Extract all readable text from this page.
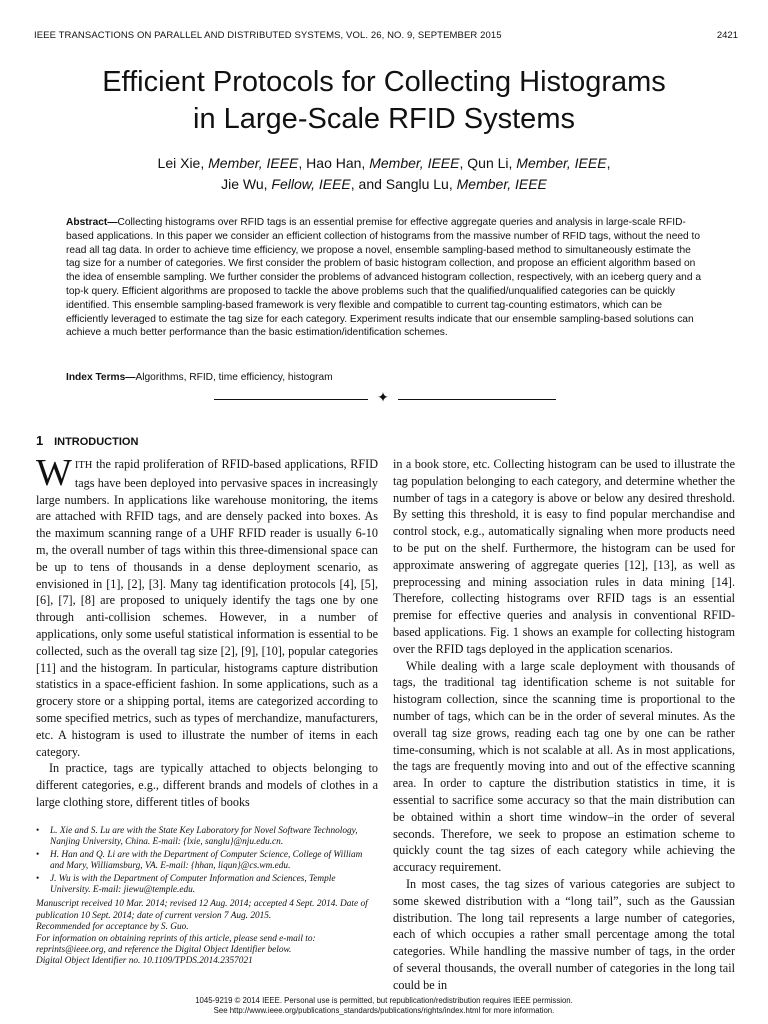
IEEE TRANSACTIONS ON PARALLEL AND DISTRIBUTED SYSTEMS, VOL. 26, NO. 9, SEPTEMBER 2015	2421
Efficient Protocols for Collecting Histograms
in Large-Scale RFID Systems
Lei Xie, Member, IEEE, Hao Han, Member, IEEE, Qun Li, Member, IEEE,
Jie Wu, Fellow, IEEE, and Sanglu Lu, Member, IEEE
Abstract—Collecting histograms over RFID tags is an essential premise for effective aggregate queries and analysis in large-scale RFID-based applications. In this paper we consider an efficient collection of histograms from the massive number of RFID tags, without the need to read all tag data. In order to achieve time efficiency, we propose a novel, ensemble sampling-based method to simultaneously estimate the tag size for a number of categories. We first consider the problem of basic histogram collection, and propose an efficient algorithm based on the idea of ensemble sampling. We further consider the problems of advanced histogram collection, respectively, with an iceberg query and a top-k query. Efficient algorithms are proposed to tackle the above problems such that the qualified/unqualified categories can be quickly identified. This ensemble sampling-based framework is very flexible and compatible to current tag-counting estimators, which can be efficiently leveraged to estimate the tag size for each category. Experiment results indicate that our ensemble sampling-based solutions can achieve a much better performance than the basic estimation/identification schemes.
Index Terms—Algorithms, RFID, time efficiency, histogram
✦
1 INTRODUCTION

WITH the rapid proliferation of RFID-based applications, RFID tags have been deployed into pervasive spaces in increasingly large numbers. In applications like warehouse monitoring, the items are attached with RFID tags, and are densely packed into boxes. As the maximum scanning range of a UHF RFID reader is usually 6-10 m, the overall number of tags within this three-dimensional space can be up to tens of thousands in a dense deployment scenario, as envisioned in [1], [2], [3]. Many tag identification protocols [4], [5], [6], [7], [8] are proposed to uniquely identify the tags one by one through anti-collision schemes. However, in a number of applications, only some useful statistical information is essential to be collected, such as the overall tag size [2], [9], [10], popular categories [11] and the histogram. In particular, histograms capture distribution statistics in a space-efficient fashion. In some applications, such as a grocery store or a shipping portal, items are categorized according to some specified metrics, such as types of merchandize, manufacturers, etc. A histogram is used to illustrate the number of items in each category.

In practice, tags are typically attached to objects belonging to different categories, e.g., different brands and models of clothes in a large clothing store, different titles of books

• L. Xie and S. Lu are with the State Key Laboratory for Novel Software Technology, Nanjing University, China. E-mail: {lxie, sanglu}@nju.edu.cn.
• H. Han and Q. Li are with the Department of Computer Science, College of William and Mary, Williamsburg, VA. E-mail: {hhan, liqun}@cs.wm.edu.
• J. Wu is with the Department of Computer Information and Sciences, Temple University. E-mail: jiewu@temple.edu.

Manuscript received 10 Mar. 2014; revised 12 Aug. 2014; accepted 4 Sept. 2014. Date of publication 10 Sept. 2014; date of current version 7 Aug. 2015.

Recommended for acceptance by S. Guo.

For information on obtaining reprints of this article, please send e-mail to: reprints@ieee.org, and reference the Digital Object Identifier below.

Digital Object Identifier no. 10.1109/TPDS.2014.2357021

in a book store, etc. Collecting histogram can be used to illustrate the tag population belonging to each category, and determine whether the number of tags in a category is above or below any desired threshold. By setting this threshold, it is easy to find popular merchandise and control stock, e.g., automatically signaling when more products need to be put on the shelf. Furthermore, the histogram can be used for approximate answering of aggregate queries [12], [13], as well as preprocessing and mining association rules in data mining [14]. Therefore, collecting histograms over RFID tags is an essential premise for effective queries and analysis in conventional RFID-based applications. Fig. 1 shows an example for collecting histogram over the RFID tags deployed in the application scenarios.

While dealing with a large scale deployment with thousands of tags, the traditional tag identification scheme is not suitable for histogram collection, since the scanning time is proportional to the number of tags, which can be in the order of several minutes. As the overall tag size grows, reading each tag one by one can be rather time-consuming, which is not scalable at all. As in most applications, the tags are frequently moving into and out of the effective scanning area. In order to capture the distribution statistics in time, it is essential to sacrifice some accuracy so that the main distribution can be obtained within a short time window–in the order of several seconds. Therefore, we seek to propose an estimation scheme to quickly count the tag sizes of each category while achieving the accuracy requirement.

In most cases, the tag sizes of various categories are subject to some skewed distribution with a “long tail”, such as the Gaussian distribution. The long tail represents a large number of categories, each of which occupies a rather small percentage among the total categories. While handling the massive number of tags, in the order of several thousands, the overall number of categories in the long tail could be in

1045-9219 © 2014 IEEE. Personal use is permitted, but republication/redistribution requires IEEE permission.
See http://www.ieee.org/publications_standards/publications/rights/index.html for more information.
